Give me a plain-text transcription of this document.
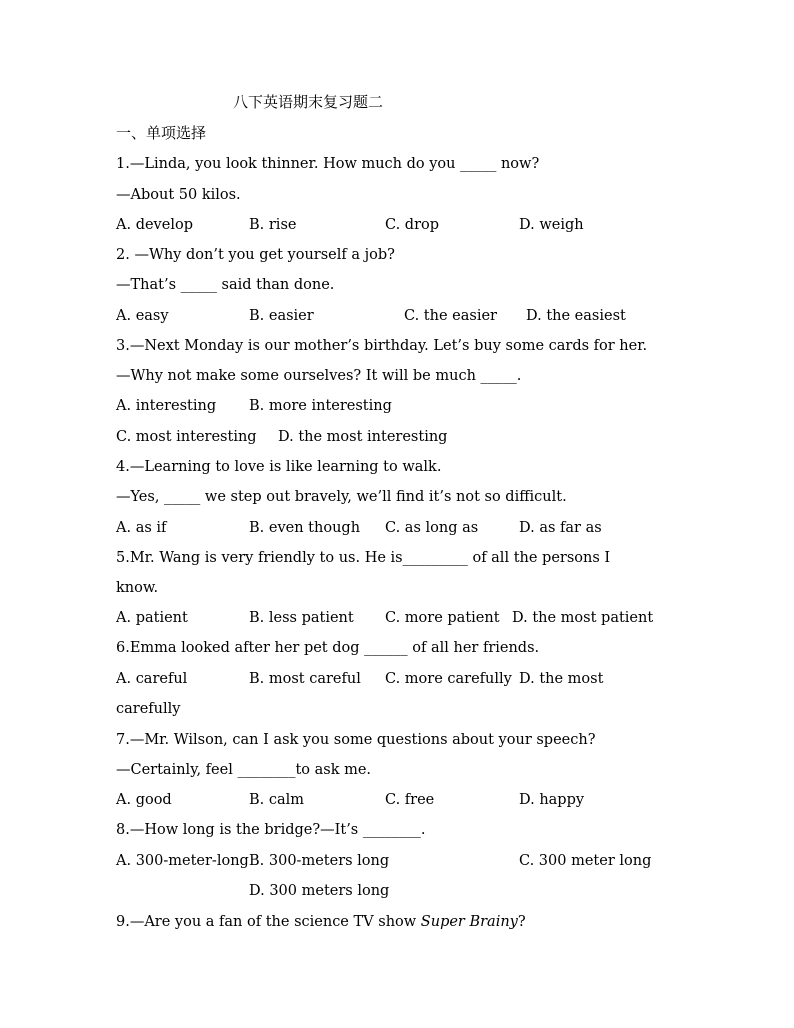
八下英语期末复习题二
一、单项选择
1.—Linda, you look thinner. How much do you _____ now?
—About 50 kilos.
A. develop	B. rise	C. drop	D. weigh
2. —Why don’t you get yourself a job?
—That’s _____ said than done.
A. easy	B. easier	C. the easier D. the easiest
3.—Next Monday is our mother’s birthday. Let’s buy some cards for her.
—Why not make some ourselves? It will be much _____.
A. interesting B. more interesting
C. most interesting D. the most interesting
4.—Learning to love is like learning to walk.
—Yes, _____ we step out bravely, we’ll find it’s not so difficult.
A. as if	B. even though C. as long as	D. as far as
5.Mr. Wang is very friendly to us. He is_________ of all the persons I
know.
A. patient	B. less patient C. more patient D. the most patient
6.Emma looked after her pet dog ______ of all her friends.
A. careful	B. most careful C. more carefully D. the most
carefully
7.—Mr. Wilson, can I ask you some questions about your speech?
—Certainly, feel ________to ask me.
A. good	B. calm	C. free	D. happy
8.—How long is the bridge?—It’s ________.
A. 300-meter-long B. 300-meters long	C. 300 meter long
D. 300 meters long
9.—Are you a fan of the science TV show Super Brainy?
